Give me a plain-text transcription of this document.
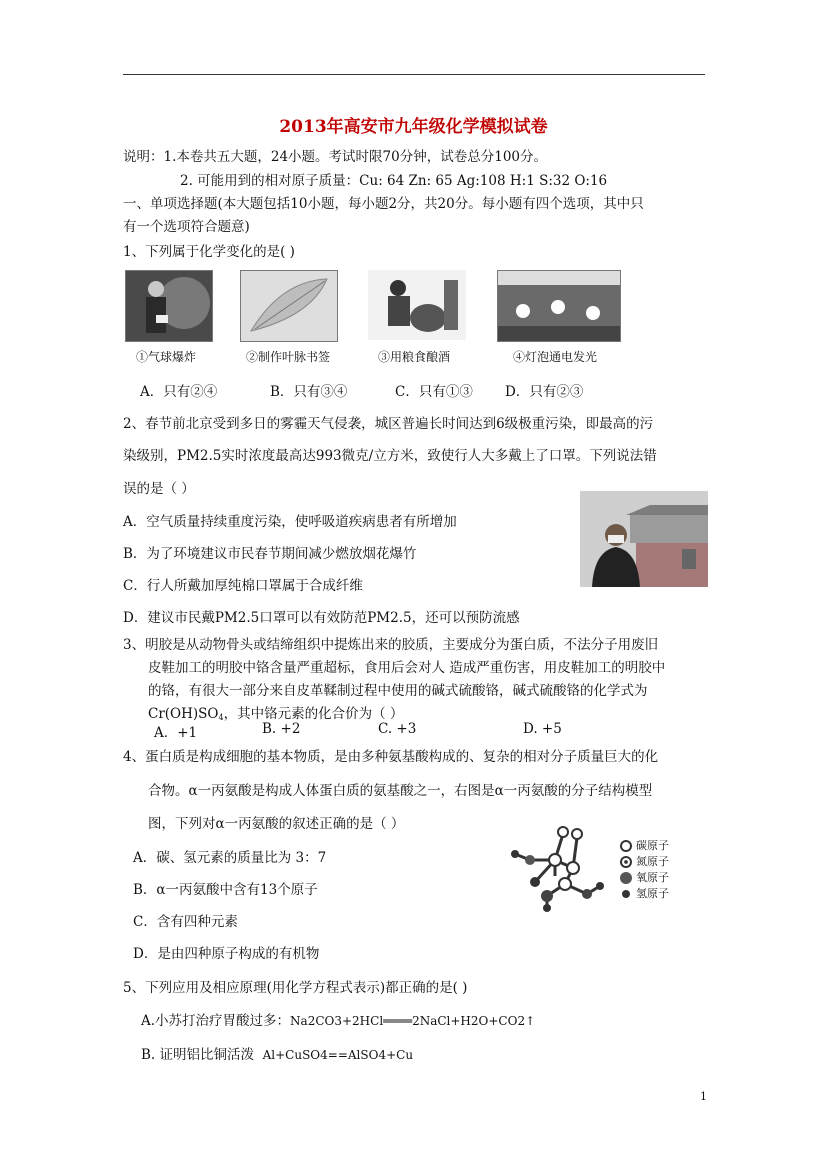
2013年高安市九年级化学模拟试卷
说明：1.本卷共五大题，24小题。考试时限70分钟，试卷总分100分。
2. 可能用到的相对原子质量：Cu: 64 Zn: 65 Ag:108 H:1 S:32 O:16
一、单项选择题(本大题包括10小题，每小题2分，共20分。每小题有四个选项，其中只
有一个选项符合题意)
1、下列属于化学变化的是( )
①气球爆炸	②制作叶脉书签	③用粮食酿酒	④灯泡通电发光
A．只有②④	B．只有③④	C．只有①③ D．只有②③
2、春节前北京受到多日的雾霾天气侵袭，城区普遍长时间达到6级极重污染，即最高的污
染级别，PM2.5实时浓度最高达993微克/立方米，致使行人大多戴上了口罩。下列说法错
误的是（ ）
A．空气质量持续重度污染，使呼吸道疾病患者有所增加
B．为了环境建议市民春节期间减少燃放烟花爆竹
C．行人所戴加厚纯棉口罩属于合成纤维
D．建议市民戴PM2.5口罩可以有效防范PM2.5，还可以预防流感
3、明胶是从动物骨头或结缔组织中提炼出来的胶质，主要成分为蛋白质，不法分子用废旧
皮鞋加工的明胶中铬含量严重超标，食用后会对人 造成严重伤害，用皮鞋加工的明胶中
的铬，有很大一部分来自皮革鞣制过程中使用的碱式硫酸铬，碱式硫酸铬的化学式为
$Cr(OH)SO_4$，其中铬元素的化合价为（ ）
A．+1	B. +2	C. +3	D. +5
4、蛋白质是构成细胞的基本物质，是由多种氨基酸构成的、复杂的相对分子质量巨大的化
合物。α一丙氨酸是构成人体蛋白质的氨基酸之一，右图是α一丙氨酸的分子结构模型
图，下列对α一丙氨酸的叙述正确的是（ ）
碳原子
氮原子
氧原子
氢原子
A．碳、氢元素的质量比为 3：7
B．α一丙氨酸中含有13个原子
C．含有四种元素
D．是由四种原子构成的有机物
5、下列应用及相应原理(用化学方程式表示)都正确的是( )
A.小苏打治疗胃酸过多：Na2CO3+2HCl════2NaCl+H2O+CO2↑
B. 证明铝比铜活泼 Al+CuSO4==AlSO4+Cu
1
